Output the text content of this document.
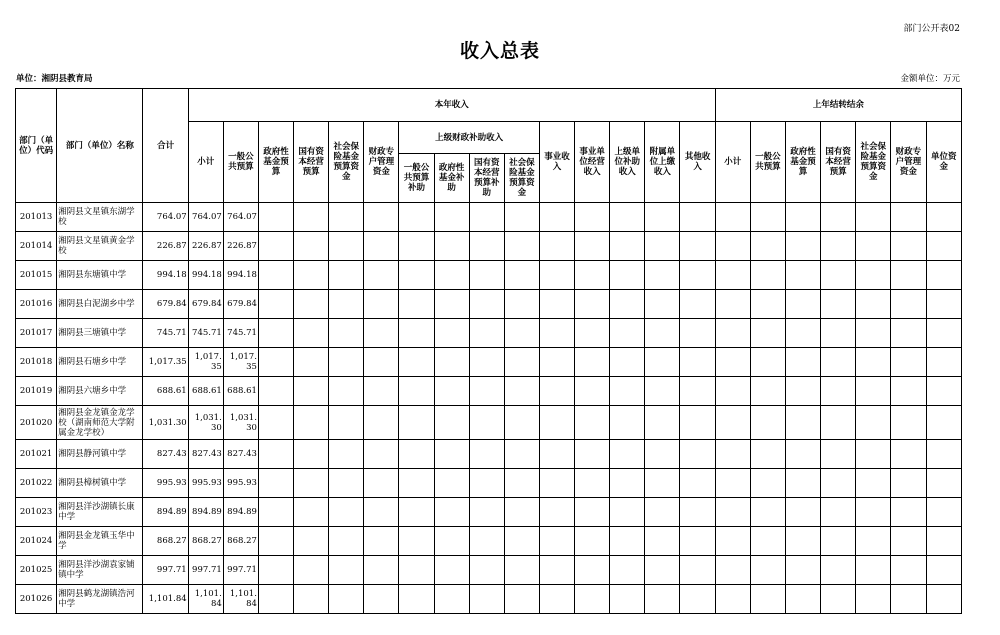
部门公开表02
收入总表
单位：湘阴县教育局	金额单位：万元
部门（单位）代码	部门（单位）名称	合计	本年收入															上年结转结余						
			小计	一般公共预算	政府性基金预算	国有资本经营预算	社会保险基金预算资金	财政专户管理资金	上级财政补助收入				事业收入	事业单位经营收入	上级单位补助收入	附属单位上缴收入	其他收入	小计	一般公共预算	政府性基金预算	国有资本经营预算	社会保险基金预算资金	财政专户管理资金	单位资金
									一般公共预算补助	政府性基金补助	国有资本经营预算补助	社会保险基金预算资金												
201013	湘阴县文星镇东湖学校	764.07	764.07	764.07																				
201014	湘阴县文星镇黄金学校	226.87	226.87	226.87																				
201015	湘阴县东塘镇中学	994.18	994.18	994.18																				
201016	湘阴县白泥湖乡中学	679.84	679.84	679.84																				
201017	湘阴县三塘镇中学	745.71	745.71	745.71																				
201018	湘阴县石塘乡中学	1,017.35	1,017.35	1,017.35																				
201019	湘阴县六塘乡中学	688.61	688.61	688.61																				
201020	湘阴县金龙镇金龙学校（湖南师范大学附属金龙学校）	1,031.30	1,031.30	1,031.30																				
201021	湘阴县静河镇中学	827.43	827.43	827.43																				
201022	湘阴县樟树镇中学	995.93	995.93	995.93																				
201023	湘阴县洋沙湖镇长康中学	894.89	894.89	894.89																				
201024	湘阴县金龙镇玉华中学	868.27	868.27	868.27																				
201025	湘阴县洋沙湖袁家铺镇中学	997.71	997.71	997.71																				
201026	湘阴县鹤龙湖镇浩河中学	1,101.84	1,101.84	1,101.84																				
